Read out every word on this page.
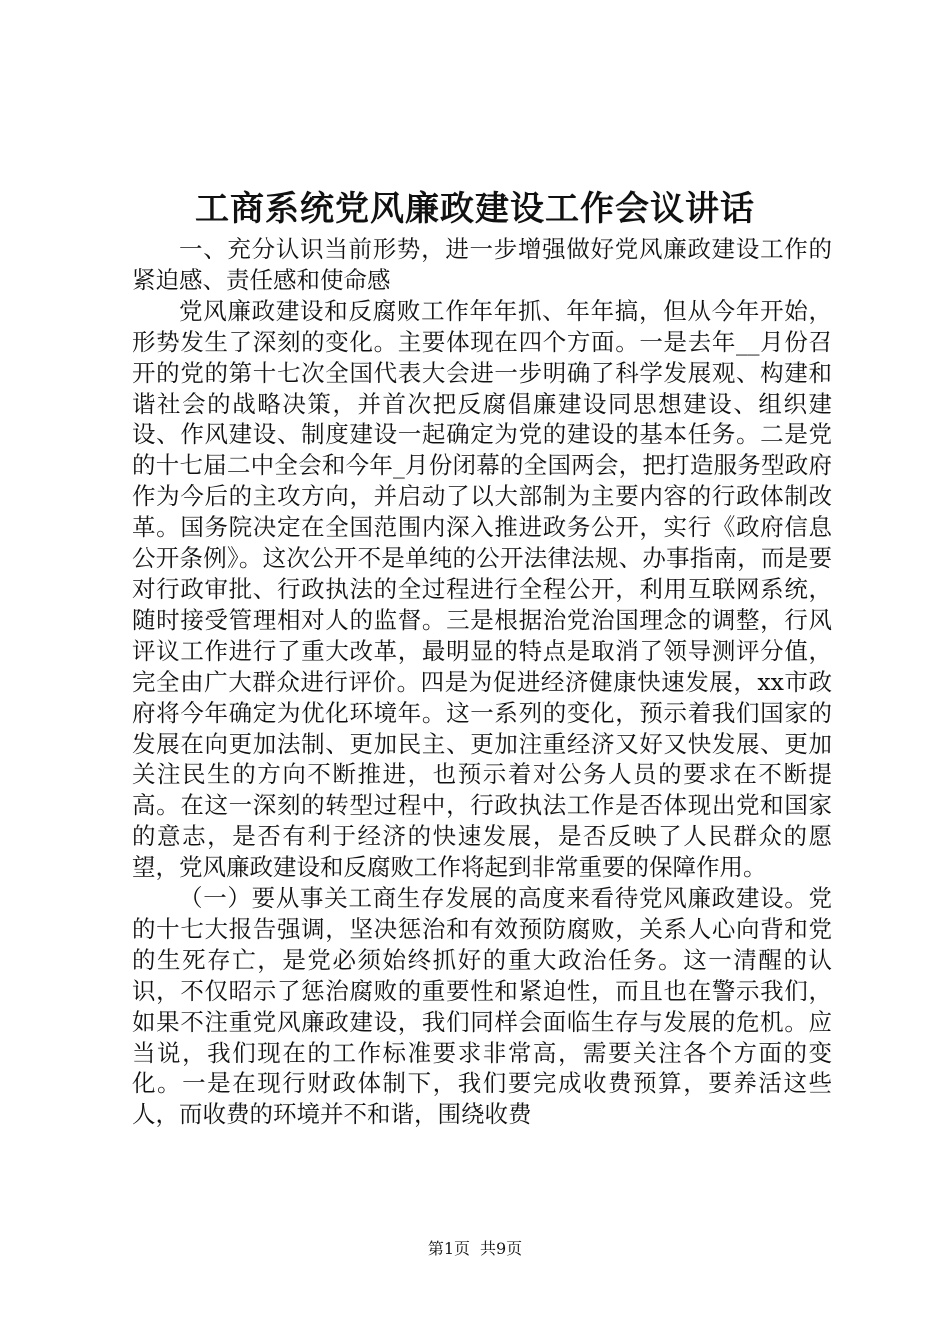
工商系统党风廉政建设工作会议讲话

一、充分认识当前形势，进一步增强做好党风廉政建设工作的紧迫感、责任感和使命感

党风廉政建设和反腐败工作年年抓、年年搞，但从今年开始，形势发生了深刻的变化。主要体现在四个方面。一是去年__月份召开的党的第十七次全国代表大会进一步明确了科学发展观、构建和谐社会的战略决策，并首次把反腐倡廉建设同思想建设、组织建设、作风建设、制度建设一起确定为党的建设的基本任务。二是党的十七届二中全会和今年_月份闭幕的全国两会，把打造服务型政府作为今后的主攻方向，并启动了以大部制为主要内容的行政体制改革。国务院决定在全国范围内深入推进政务公开，实行《政府信息公开条例》。这次公开不是单纯的公开法律法规、办事指南，而是要对行政审批、行政执法的全过程进行全程公开，利用互联网系统，随时接受管理相对人的监督。三是根据治党治国理念的调整，行风评议工作进行了重大改革，最明显的特点是取消了领导测评分值，完全由广大群众进行评价。四是为促进经济健康快速发展，xx市政府将今年确定为优化环境年。这一系列的变化，预示着我们国家的发展在向更加法制、更加民主、更加注重经济又好又快发展、更加关注民生的方向不断推进，也预示着对公务人员的要求在不断提高。在这一深刻的转型过程中，行政执法工作是否体现出党和国家的意志，是否有利于经济的快速发展，是否反映了人民群众的愿望，党风廉政建设和反腐败工作将起到非常重要的保障作用。

（一）要从事关工商生存发展的高度来看待党风廉政建设。党的十七大报告强调，坚决惩治和有效预防腐败，关系人心向背和党的生死存亡，是党必须始终抓好的重大政治任务。这一清醒的认识，不仅昭示了惩治腐败的重要性和紧迫性，而且也在警示我们，如果不注重党风廉政建设，我们同样会面临生存与发展的危机。应当说，我们现在的工作标准要求非常高，需要关注各个方面的变化。一是在现行财政体制下，我们要完成收费预算，要养活这些人，而收费的环境并不和谐，围绕收费

第1页 共9页
